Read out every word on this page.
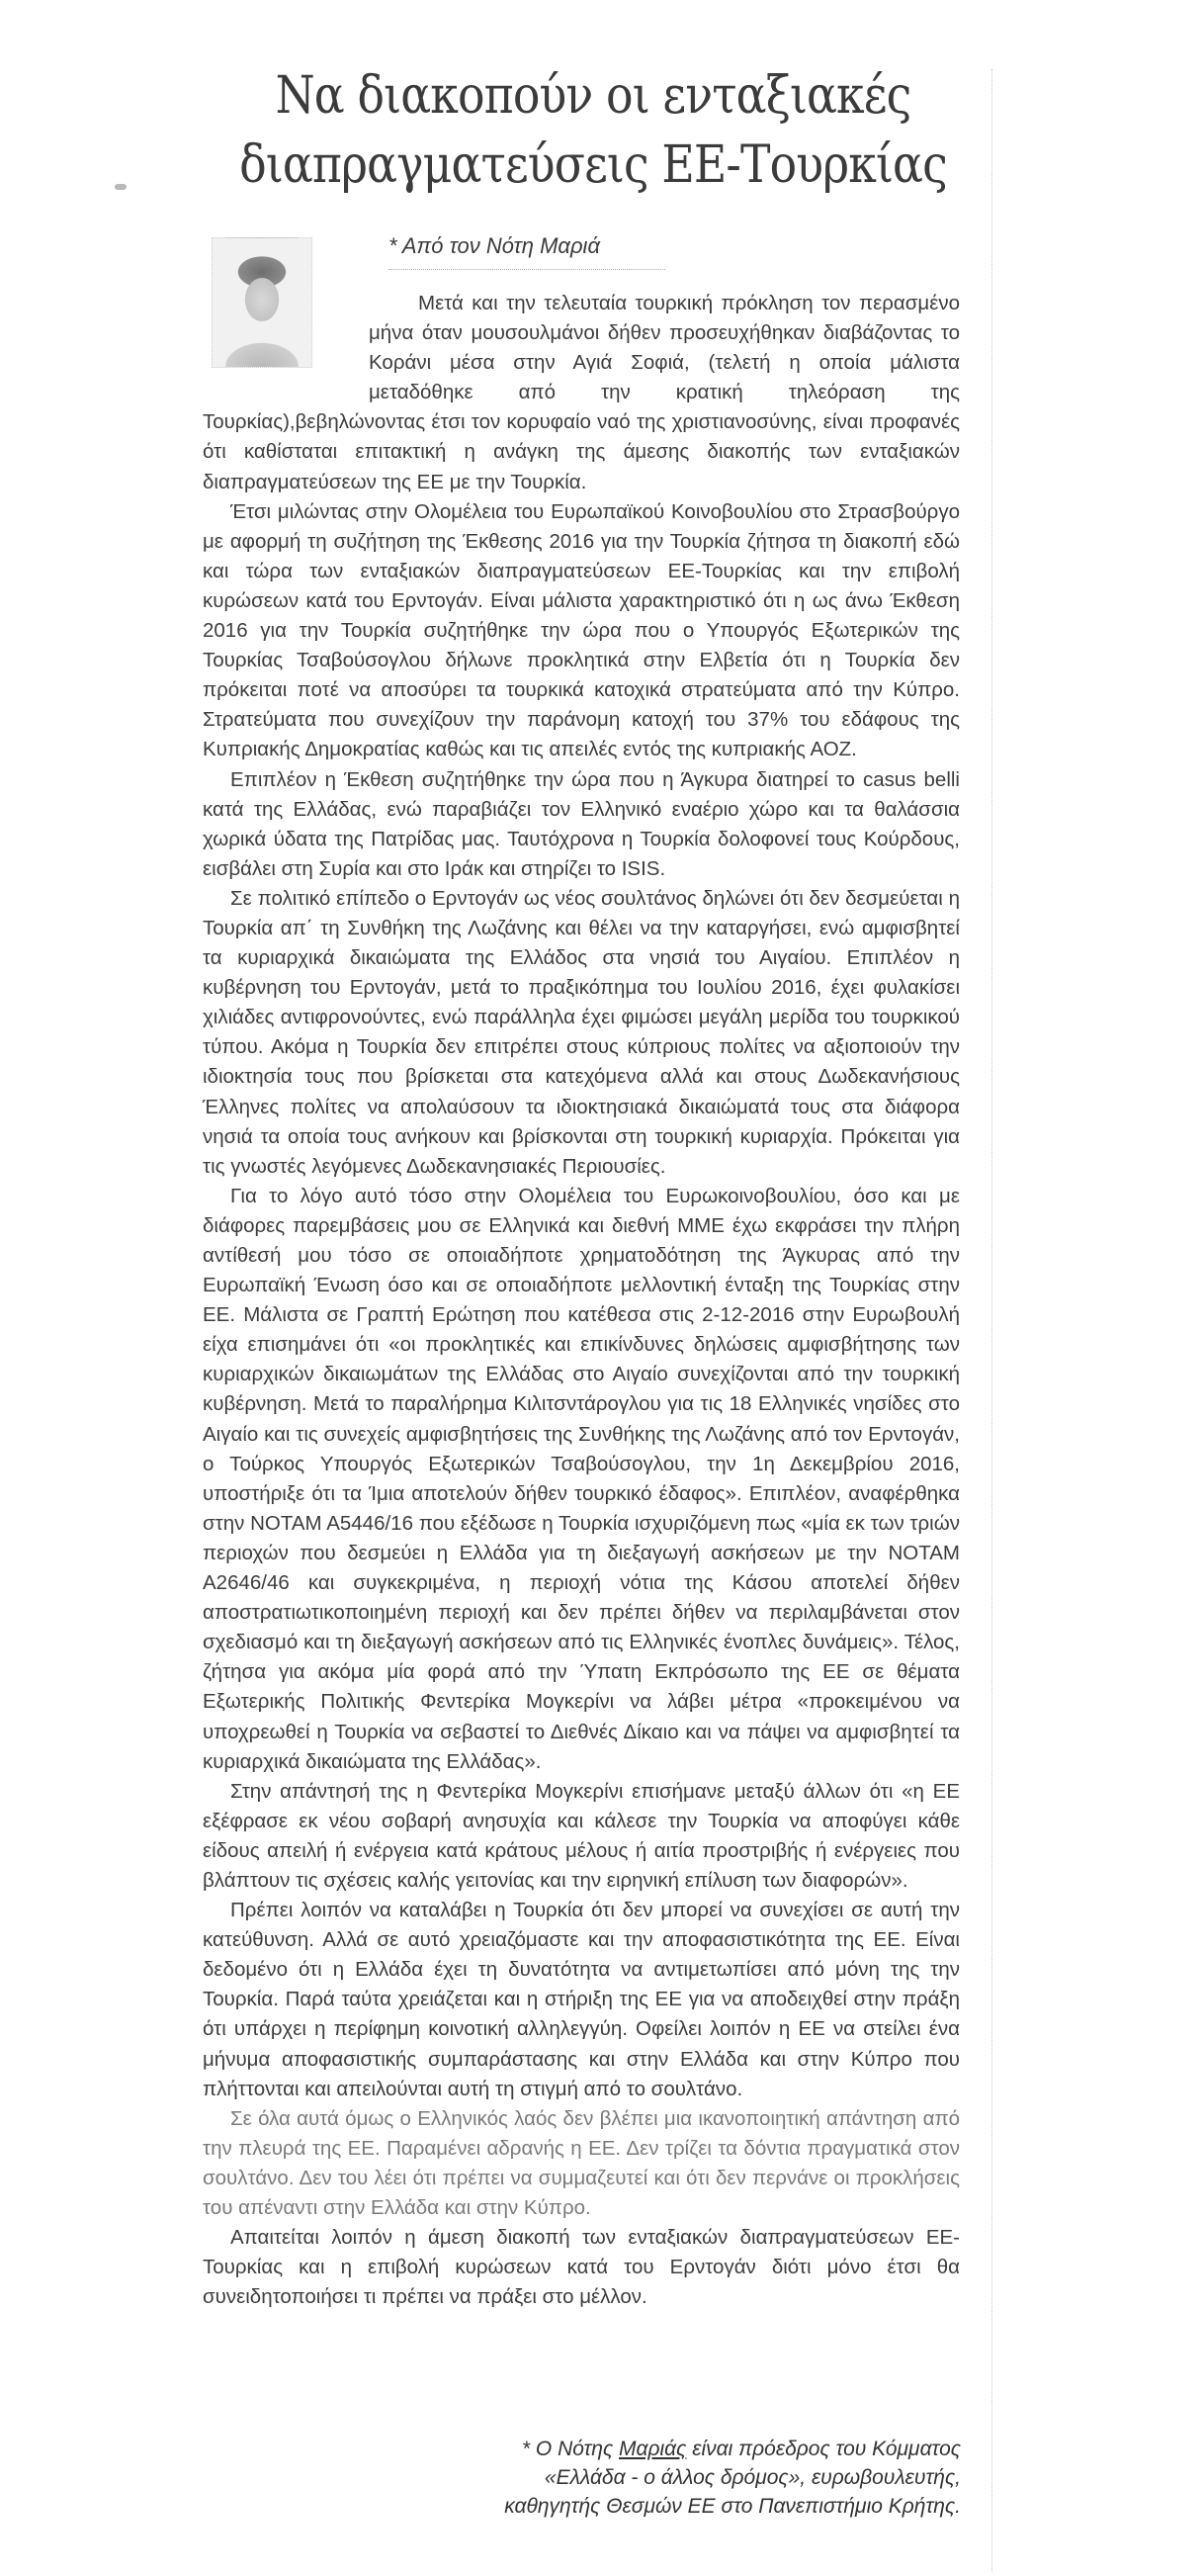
Να διακοπούν οι ενταξιακές
διαπραγματεύσεις ΕΕ-Τουρκίας
* Από τον Νότη Μαριά

Μετά και την τελευταία τουρκική πρόκληση τον περασμένο μήνα όταν μουσουλμάνοι δήθεν προσευχήθηκαν διαβάζοντας το Κοράνι μέσα στην Αγιά Σοφιά, (τελετή η οποία μάλιστα μεταδόθηκε από την κρατική τηλεόραση της Τουρκίας),βεβηλώνοντας έτσι τον κορυφαίο ναό της χριστιανοσύνης, είναι προφανές ότι καθίσταται επιτακτική η ανάγκη της άμεσης διακοπής των ενταξιακών διαπραγματεύσεων της ΕΕ με την Τουρκία.

Έτσι μιλώντας στην Ολομέλεια του Ευρωπαϊκού Κοινοβουλίου στο Στρασβούργο με αφορμή τη συζήτηση της Έκθεσης 2016 για την Τουρκία ζήτησα τη διακοπή εδώ και τώρα των ενταξιακών διαπραγματεύσεων ΕΕ-Τουρκίας και την επιβολή κυρώσεων κατά του Ερντογάν. Είναι μάλιστα χαρακτηριστικό ότι η ως άνω Έκθεση 2016 για την Τουρκία συζητήθηκε την ώρα που ο Υπουργός Εξωτερικών της Τουρκίας Τσαβούσογλου δήλωνε προκλητικά στην Ελβετία ότι η Τουρκία δεν πρόκειται ποτέ να αποσύρει τα τουρκικά κατοχικά στρατεύματα από την Κύπρο. Στρατεύματα που συνεχίζουν την παράνομη κατοχή του 37% του εδάφους της Κυπριακής Δημοκρατίας καθώς και τις απειλές εντός της κυπριακής ΑΟΖ.

Επιπλέον η Έκθεση συζητήθηκε την ώρα που η Άγκυρα διατηρεί το casus belli κατά της Ελλάδας, ενώ παραβιάζει τον Ελληνικό εναέριο χώρο και τα θαλάσσια χωρικά ύδατα της Πατρίδας μας. Ταυτόχρονα η Τουρκία δολοφονεί τους Κούρδους, εισβάλει στη Συρία και στο Ιράκ και στηρίζει το ISIS.

Σε πολιτικό επίπεδο ο Ερντογάν ως νέος σουλτάνος δηλώνει ότι δεν δεσμεύεται η Τουρκία απ΄ τη Συνθήκη της Λωζάνης και θέλει να την καταργήσει, ενώ αμφισβητεί τα κυριαρχικά δικαιώματα της Ελλάδος στα νησιά του Αιγαίου. Επιπλέον η κυβέρνηση του Ερντογάν, μετά το πραξικόπημα του Ιουλίου 2016, έχει φυλακίσει χιλιάδες αντιφρονούντες, ενώ παράλληλα έχει φιμώσει μεγάλη μερίδα του τουρκικού τύπου. Ακόμα η Τουρκία δεν επιτρέπει στους κύπριους πολίτες να αξιοποιούν την ιδιοκτησία τους που βρίσκεται στα κατεχόμενα αλλά και στους Δωδεκανήσιους Έλληνες πολίτες να απολαύσουν τα ιδιοκτησιακά δικαιώματά τους στα διάφορα νησιά τα οποία τους ανήκουν και βρίσκονται στη τουρκική κυριαρχία. Πρόκειται για τις γνωστές λεγόμενες Δωδεκανησιακές Περιουσίες.

Για το λόγο αυτό τόσο στην Ολομέλεια του Ευρωκοινοβουλίου, όσο και με διάφορες παρεμβάσεις μου σε Ελληνικά και διεθνή ΜΜΕ έχω εκφράσει την πλήρη αντίθεσή μου τόσο σε οποιαδήποτε χρηματοδότηση της Άγκυρας από την Ευρωπαϊκή Ένωση όσο και σε οποιαδήποτε μελλοντική ένταξη της Τουρκίας στην ΕΕ. Μάλιστα σε Γραπτή Ερώτηση που κατέθεσα στις 2-12-2016 στην Ευρωβουλή είχα επισημάνει ότι «οι προκλητικές και επικίνδυνες δηλώσεις αμφισβήτησης των κυριαρχικών δικαιωμάτων της Ελλάδας στο Αιγαίο συνεχίζονται από την τουρκική κυβέρνηση. Μετά το παραλήρημα Κιλιτσντάρογλου για τις 18 Ελληνικές νησίδες στο Αιγαίο και τις συνεχείς αμφισβητήσεις της Συνθήκης της Λωζάνης από τον Ερντογάν, ο Τούρκος Υπουργός Εξωτερικών Τσαβούσογλου, την 1η Δεκεμβρίου 2016, υποστήριξε ότι τα Ίμια αποτελούν δήθεν τουρκικό έδαφος». Επιπλέον, αναφέρθηκα στην NOTAM A5446/16 που εξέδωσε η Τουρκία ισχυριζόμενη πως «μία εκ των τριών περιοχών που δεσμεύει η Ελλάδα για τη διεξαγωγή ασκήσεων με την NOTAM A2646/46 και συγκεκριμένα, η περιοχή νότια της Κάσου αποτελεί δήθεν αποστρατιωτικοποιημένη περιοχή και δεν πρέπει δήθεν να περιλαμβάνεται στον σχεδιασμό και τη διεξαγωγή ασκήσεων από τις Ελληνικές ένοπλες δυνάμεις». Τέλος, ζήτησα για ακόμα μία φορά από την Ύπατη Εκπρόσωπο της ΕΕ σε θέματα Εξωτερικής Πολιτικής Φεντερίκα Μογκερίνι να λάβει μέτρα «προκειμένου να υποχρεωθεί η Τουρκία να σεβαστεί το Διεθνές Δίκαιο και να πάψει να αμφισβητεί τα κυριαρχικά δικαιώματα της Ελλάδας».

Στην απάντησή της η Φεντερίκα Μογκερίνι επισήμανε μεταξύ άλλων ότι «η ΕΕ εξέφρασε εκ νέου σοβαρή ανησυχία και κάλεσε την Τουρκία να αποφύγει κάθε είδους απειλή ή ενέργεια κατά κράτους μέλους ή αιτία προστριβής ή ενέργειες που βλάπτουν τις σχέσεις καλής γειτονίας και την ειρηνική επίλυση των διαφορών».

Πρέπει λοιπόν να καταλάβει η Τουρκία ότι δεν μπορεί να συνεχίσει σε αυτή την κατεύθυνση. Αλλά σε αυτό χρειαζόμαστε και την αποφασιστικότητα της ΕΕ. Είναι δεδομένο ότι η Ελλάδα έχει τη δυνατότητα να αντιμετωπίσει από μόνη της την Τουρκία. Παρά ταύτα χρειάζεται και η στήριξη της ΕΕ για να αποδειχθεί στην πράξη ότι υπάρχει η περίφημη κοινοτική αλληλεγγύη. Οφείλει λοιπόν η ΕΕ να στείλει ένα μήνυμα αποφασιστικής συμπαράστασης και στην Ελλάδα και στην Κύπρο που πλήττονται και απειλούνται αυτή τη στιγμή από το σουλτάνο.

Σε όλα αυτά όμως ο Ελληνικός λαός δεν βλέπει μια ικανοποιητική απάντηση από την πλευρά της ΕΕ. Παραμένει αδρανής η ΕΕ. Δεν τρίζει τα δόντια πραγματικά στον σουλτάνο. Δεν του λέει ότι πρέπει να συμμαζευτεί και ότι δεν περνάνε οι προκλήσεις του απέναντι στην Ελλάδα και στην Κύπρο.

Απαιτείται λοιπόν η άμεση διακοπή των ενταξιακών διαπραγματεύσεων ΕΕ-Τουρκίας και η επιβολή κυρώσεων κατά του Ερντογάν διότι μόνο έτσι θα συνειδητοποιήσει τι πρέπει να πράξει στο μέλλον.

* Ο Νότης Μαριάς είναι πρόεδρος του Κόμματος
«Ελλάδα - ο άλλος δρόμος», ευρωβουλευτής,
καθηγητής Θεσμών ΕΕ στο Πανεπιστήμιο Κρήτης.
